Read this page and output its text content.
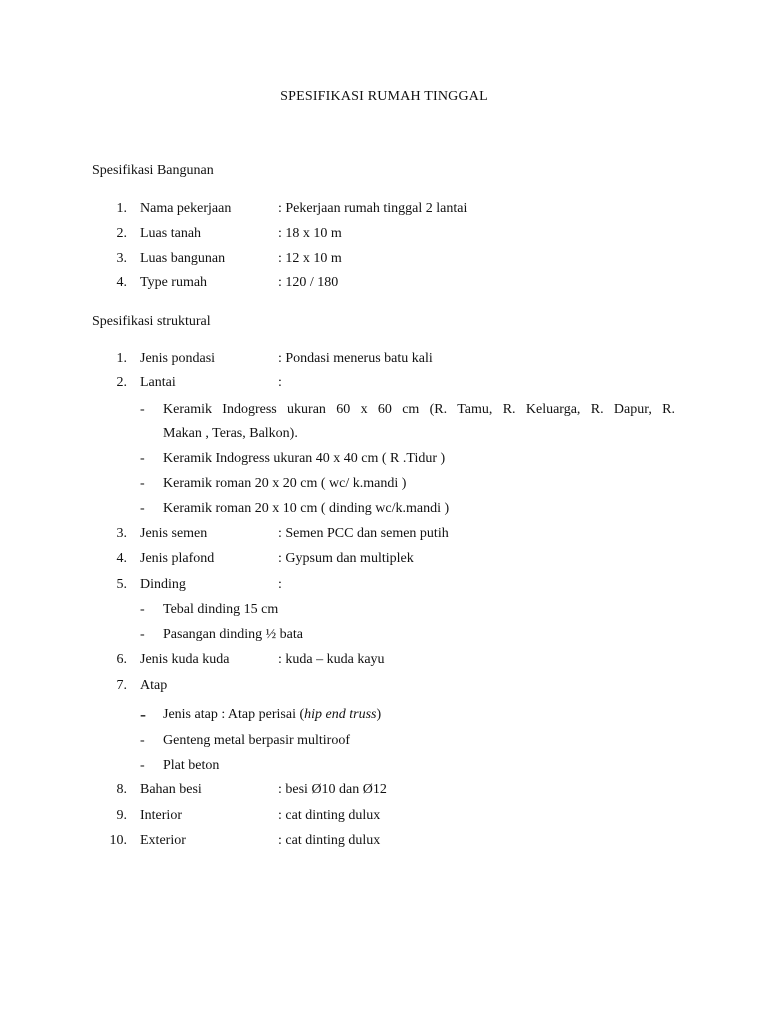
SPESIFIKASI RUMAH TINGGAL
Spesifikasi Bangunan
1. Nama pekerjaan	: Pekerjaan rumah tinggal 2 lantai
2. Luas tanah	: 18 x 10 m
3. Luas bangunan	: 12 x 10 m
4. Type rumah	: 120 / 180
Spesifikasi struktural
1. Jenis pondasi	: Pondasi menerus batu kali
2. Lantai	:
- Keramik Indogress ukuran 60 x 60 cm (R. Tamu, R. Keluarga, R. Dapur, R.
Makan , Teras, Balkon).
- Keramik Indogress ukuran 40 x 40 cm ( R .Tidur )
- Keramik roman 20 x 20 cm ( wc/ k.mandi )
- Keramik roman 20 x 10 cm ( dinding wc/k.mandi )
3. Jenis semen	: Semen PCC dan semen putih
4. Jenis plafond	: Gypsum dan multiplek
5. Dinding	:
- Tebal dinding 15 cm
- Pasangan dinding ½ bata
6. Jenis kuda kuda	: kuda – kuda kayu
7. Atap
- Jenis atap : Atap perisai (hip end truss)
- Genteng metal berpasir multiroof
- Plat beton
8. Bahan besi	: besi Ø10 dan Ø12
9. Interior	: cat dinting dulux
10. Exterior	: cat dinting dulux
